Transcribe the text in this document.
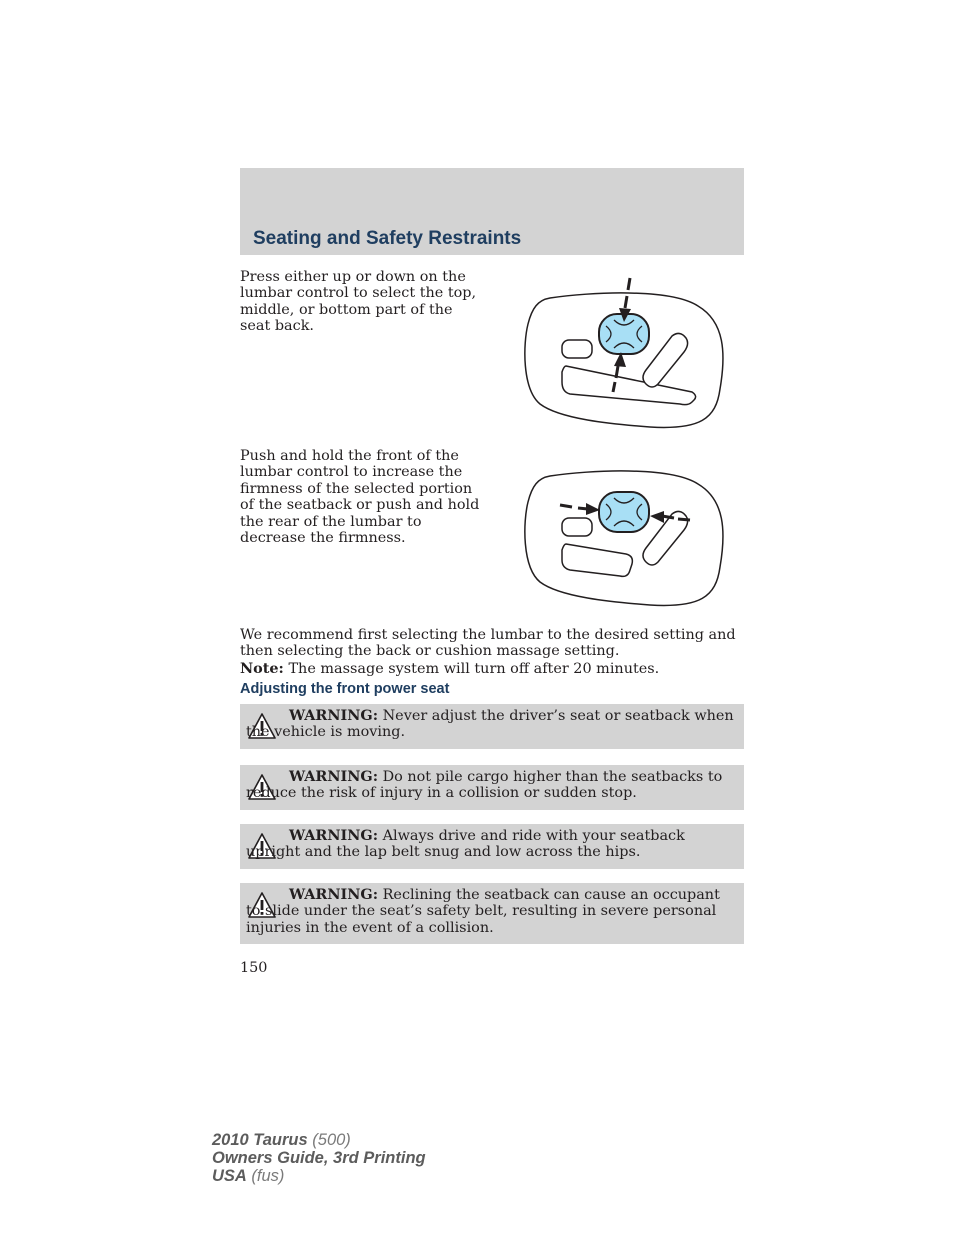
Seating and Safety Restraints

Press either up or down on the lumbar control to select the top, middle, or bottom part of the seat back.

Push and hold the front of the lumbar control to increase the firmness of the selected portion of the seatback or push and hold the rear of the lumbar to decrease the firmness.

We recommend first selecting the lumbar to the desired setting and then selecting the back or cushion massage setting.

Note: The massage system will turn off after 20 minutes.

Adjusting the front power seat

WARNING: Never adjust the driver’s seat or seatback when the vehicle is moving.

WARNING: Do not pile cargo higher than the seatbacks to reduce the risk of injury in a collision or sudden stop.

WARNING: Always drive and ride with your seatback upright and the lap belt snug and low across the hips.

WARNING: Reclining the seatback can cause an occupant to slide under the seat’s safety belt, resulting in severe personal injuries in the event of a collision.

150

2010 Taurus (500)
Owners Guide, 3rd Printing
USA (fus)
